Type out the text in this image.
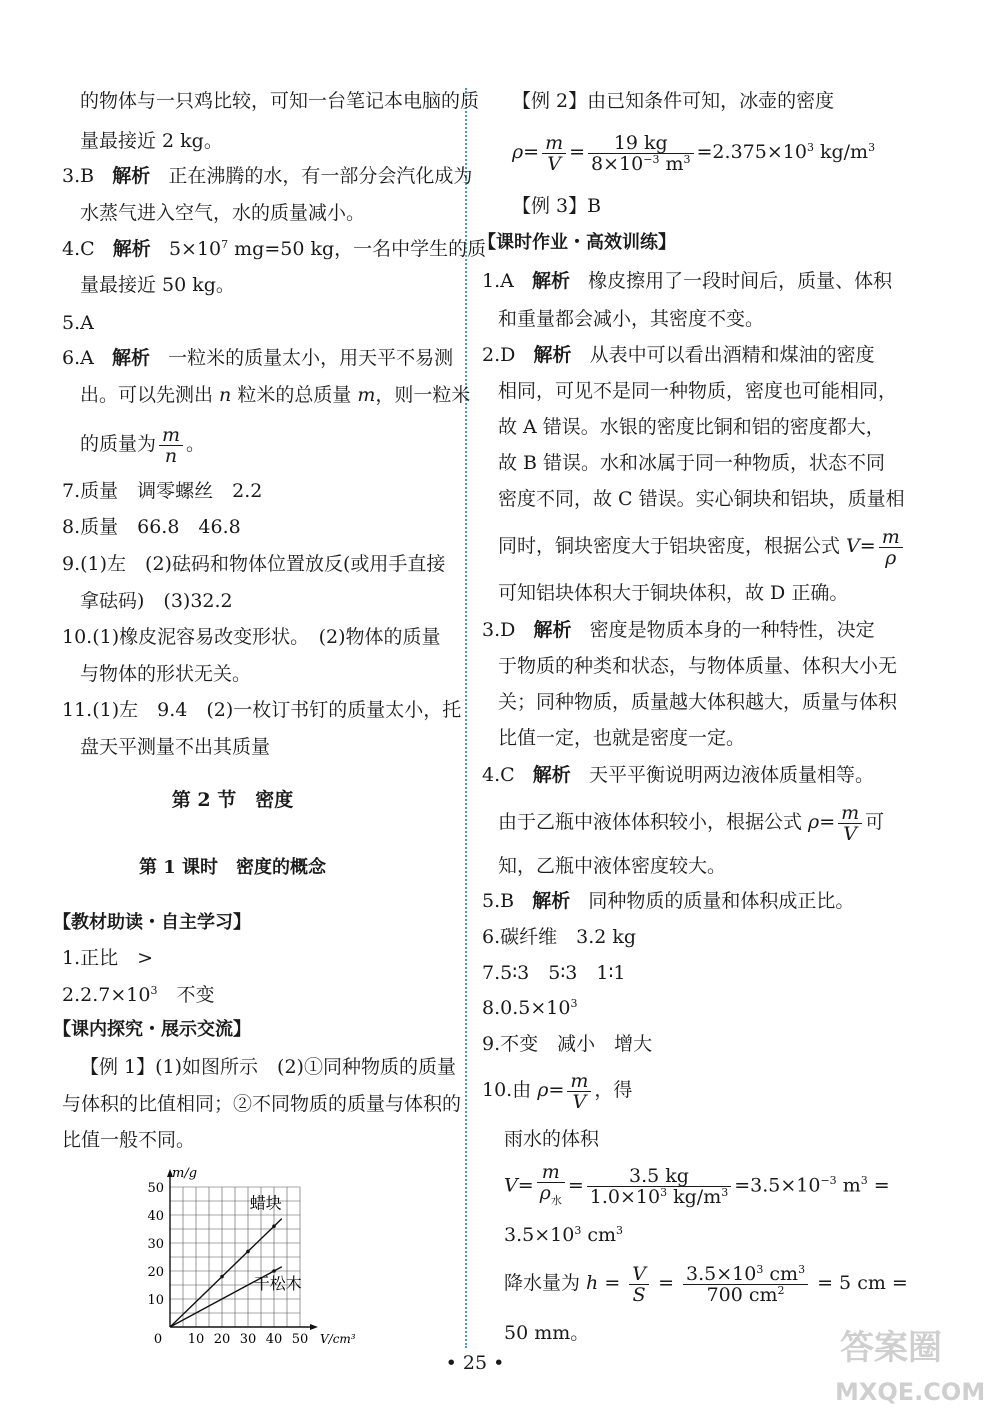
的物体与一只鸡比较，可知一台笔记本电脑的质
量最接近 2 kg。
3.B 解析 正在沸腾的水，有一部分会汽化成为
水蒸气进入空气，水的质量减小。
4.C 解析 $5\times 10^7$ mg=50 kg，一名中学生的质
量最接近 50 kg。
5.A
6.A 解析 一粒米的质量太小，用天平不易测
出。可以先测出 n 粒米的总质量 m，则一粒米
的质量为 $\frac{m}{n}$ 。
7.质量　调零螺丝　2.2
8.质量　66.8　46.8
9.(1)左　(2)砝码和物体位置放反(或用手直接
拿砝码)　(3)32.2
10.(1)橡皮泥容易改变形状。　(2)物体的质量
与物体的形状无关。
11.(1)左　9.4　(2)一枚订书钉的质量太小，托
盘天平测量不出其质量
第 2 节　密度
第 1 课时　密度的概念
【教材助读・自主学习】
1.正比　>
$2.2.7\times 10^3$　不变
【课内探究・展示交流】
【例 1】(1)如图所示　(2)①同种物质的质量
与体积的比值相同；②不同物质的质量与体积的
比值一般不同。
0 10 20 30 40 50
10
20
30
40
50
m/g
V/cm³
蜡块
干松木
【例 2】由已知条件可知，冰壶的密度
$\rho= \frac{m}{V} = \frac{19 kg}{8\times 10^{-3} m^3} =2.375\times 10^3$ $kg/m^3$
【例 3】B
【课时作业・高效训练】
1.A 解析 橡皮擦用了一段时间后，质量、体积
和重量都会减小，其密度不变。
2.D 解析 从表中可以看出酒精和煤油的密度
相同，可见不是同一种物质，密度也可能相同，
故 A 错误。水银的密度比铜和铝的密度都大，
故 B 错误。水和冰属于同一种物质，状态不同
密度不同，故 C 错误。实心铜块和铝块，质量相
同时，铜块密度大于铝块密度，根据公式 $V= \frac{m}{\rho}$
可知铝块体积大于铜块体积，故 D 正确。
3.D 解析 密度是物质本身的一种特性，决定
于物质的种类和状态，与物体质量、体积大小无
关；同种物质，质量越大体积越大，质量与体积
比值一定，也就是密度一定。
4.C 解析 天平平衡说明两边液体质量相等。
由于乙瓶中液体体积较小，根据公式 $\rho= \frac{m}{V}$ 可
知，乙瓶中液体密度较大。
5.B 解析 同种物质的质量和体积成正比。
6.碳纤维　3.2 kg
7.5∶3　5∶3　1∶1
$8.0.5\times 10^3$
9.不变　减小　增大
10.由 $\rho= \frac{m}{V}$ ，得
雨水的体积
$V= \frac{m}{\rho_水} = \frac{3.5 kg}{1.0\times 10^3 kg/m^3} =3.5\times 10^{-3}$ $m^3$ =
$3.5\times 10^3$ $cm^3$
降水量为 $h = \frac{V}{S} = \frac{3.5\times 10^3 cm^3}{700 cm^2} = 5$ cm =
50 mm。
• 25 •	答案圈
MXQE.COM
